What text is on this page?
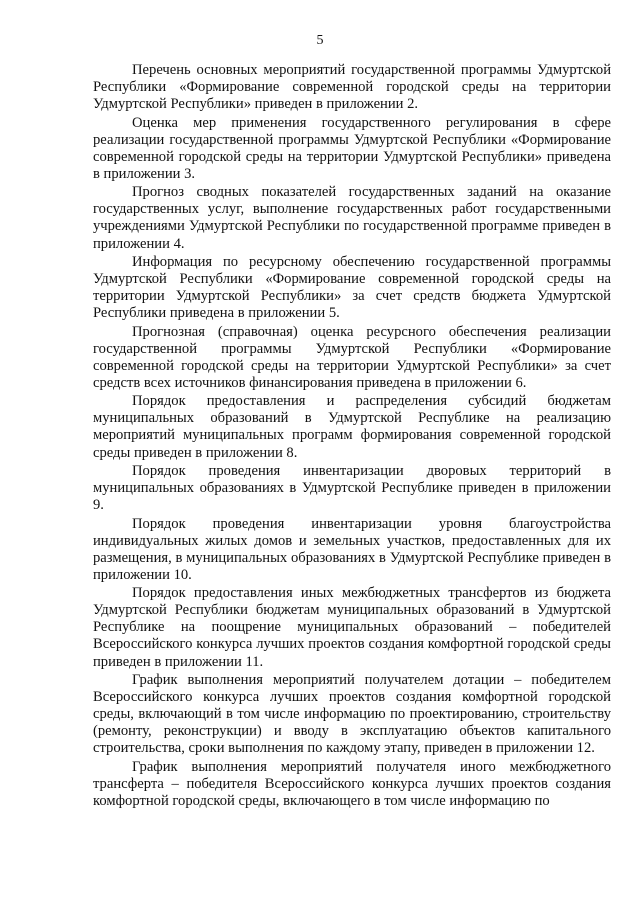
5

Перечень основных мероприятий государственной программы Удмуртской Республики «Формирование современной городской среды на территории Удмуртской Республики» приведен в приложении 2.

Оценка мер применения государственного регулирования в сфере реализации государственной программы Удмуртской Республики «Формирование современной городской среды на территории Удмуртской Республики» приведена в приложении 3.

Прогноз сводных показателей государственных заданий на оказание государственных услуг, выполнение государственных работ государственными учреждениями Удмуртской Республики по государственной программе приведен в приложении 4.

Информация по ресурсному обеспечению государственной программы Удмуртской Республики «Формирование современной городской среды на территории Удмуртской Республики» за счет средств бюджета Удмуртской Республики приведена в приложении 5.

Прогнозная (справочная) оценка ресурсного обеспечения реализации государственной программы Удмуртской Республики «Формирование современной городской среды на территории Удмуртской Республики» за счет средств всех источников финансирования приведена в приложении 6.

Порядок предоставления и распределения субсидий бюджетам муниципальных образований в Удмуртской Республике на реализацию мероприятий муниципальных программ формирования современной городской среды приведен в приложении 8.

Порядок проведения инвентаризации дворовых территорий в муниципальных образованиях в Удмуртской Республике приведен в приложении 9.

Порядок проведения инвентаризации уровня благоустройства индивидуальных жилых домов и земельных участков, предоставленных для их размещения, в муниципальных образованиях в Удмуртской Республике приведен в приложении 10.

Порядок предоставления иных межбюджетных трансфертов из бюджета Удмуртской Республики бюджетам муниципальных образований в Удмуртской Республике на поощрение муниципальных образований – победителей Всероссийского конкурса лучших проектов создания комфортной городской среды приведен в приложении 11.

График выполнения мероприятий получателем дотации – победителем Всероссийского конкурса лучших проектов создания комфортной городской среды, включающий в том числе информацию по проектированию, строительству (ремонту, реконструкции) и вводу в эксплуатацию объектов капитального строительства, сроки выполнения по каждому этапу, приведен в приложении 12.

График выполнения мероприятий получателя иного межбюджетного трансферта – победителя Всероссийского конкурса лучших проектов создания комфортной городской среды, включающего в том числе информацию по
